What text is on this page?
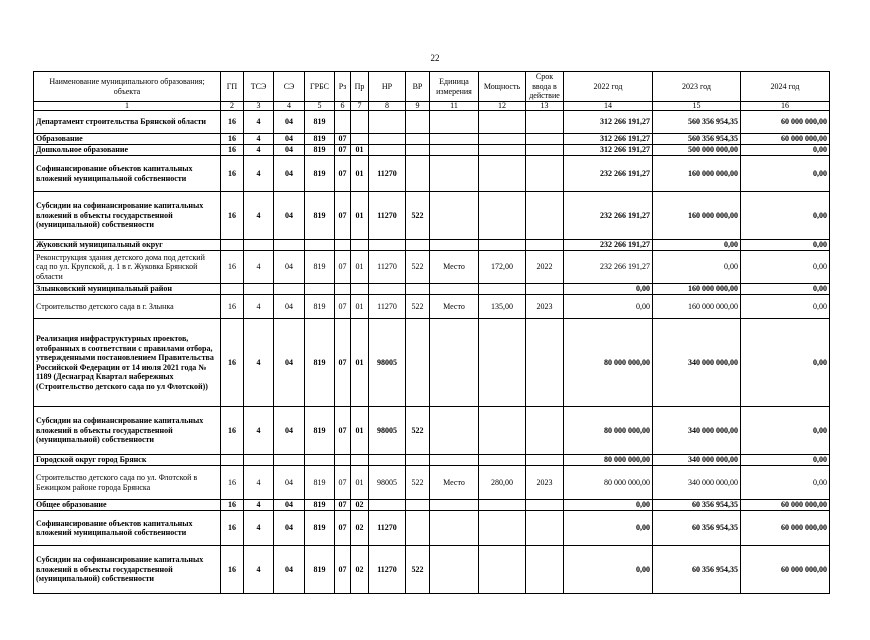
22
Наименование муниципального образования; объекта	ГП	ТСЭ	СЭ	ГРБС	Рз	Пр	НР	ВР	Единица измерения	Мощность	Срок ввода в действие	2022 год	2023 год	2024 год
1	2	3	4	5	6	7	8	9	11	12	13	14	15	16
Департамент строительства Брянской области	16	4	04	819								312 266 191,27	560 356 954,35	60 000 000,00
Образование	16	4	04	819	07							312 266 191,27	560 356 954,35	60 000 000,00
Дошкольное образование	16	4	04	819	07	01						312 266 191,27	500 000 000,00	0,00
Софинансирование объектов капитальных вложений муниципальной собственности	16	4	04	819	07	01	11270					232 266 191,27	160 000 000,00	0,00
Субсидии на софинансирование капитальных вложений в объекты государственной (муниципальной) собственности	16	4	04	819	07	01	11270	522				232 266 191,27	160 000 000,00	0,00
Жуковский муниципальный округ												232 266 191,27	0,00	0,00
Реконструкция здания детского дома под детский сад по ул. Крупской, д. 1 в г. Жуковка Брянской области	16	4	04	819	07	01	11270	522	Место	172,00	2022	232 266 191,27	0,00	0,00
Злынковский муниципальный район												0,00	160 000 000,00	0,00
Строительство детского сада в г. Злынка	16	4	04	819	07	01	11270	522	Место	135,00	2023	0,00	160 000 000,00	0,00
Реализация инфраструктурных проектов, отобранных в соответствии с правилами отбора, утвержденными постановлением Правительства Российской Федерации от 14 июля 2021 года № 1189 (Деснаград Квартал набережных (Строительство детского сада по ул Флотской))	16	4	04	819	07	01	98005					80 000 000,00	340 000 000,00	0,00
Субсидии на софинансирование капитальных вложений в объекты государственной (муниципальной) собственности	16	4	04	819	07	01	98005	522				80 000 000,00	340 000 000,00	0,00
Городской округ город Брянск												80 000 000,00	340 000 000,00	0,00
Строительство детского сада по ул. Флотской в Бежицком районе города Брянска	16	4	04	819	07	01	98005	522	Место	280,00	2023	80 000 000,00	340 000 000,00	0,00
Общее образование	16	4	04	819	07	02						0,00	60 356 954,35	60 000 000,00
Софинансирование объектов капитальных вложений муниципальной собственности	16	4	04	819	07	02	11270					0,00	60 356 954,35	60 000 000,00
Субсидии на софинансирование капитальных вложений в объекты государственной (муниципальной) собственности	16	4	04	819	07	02	11270	522				0,00	60 356 954,35	60 000 000,00
